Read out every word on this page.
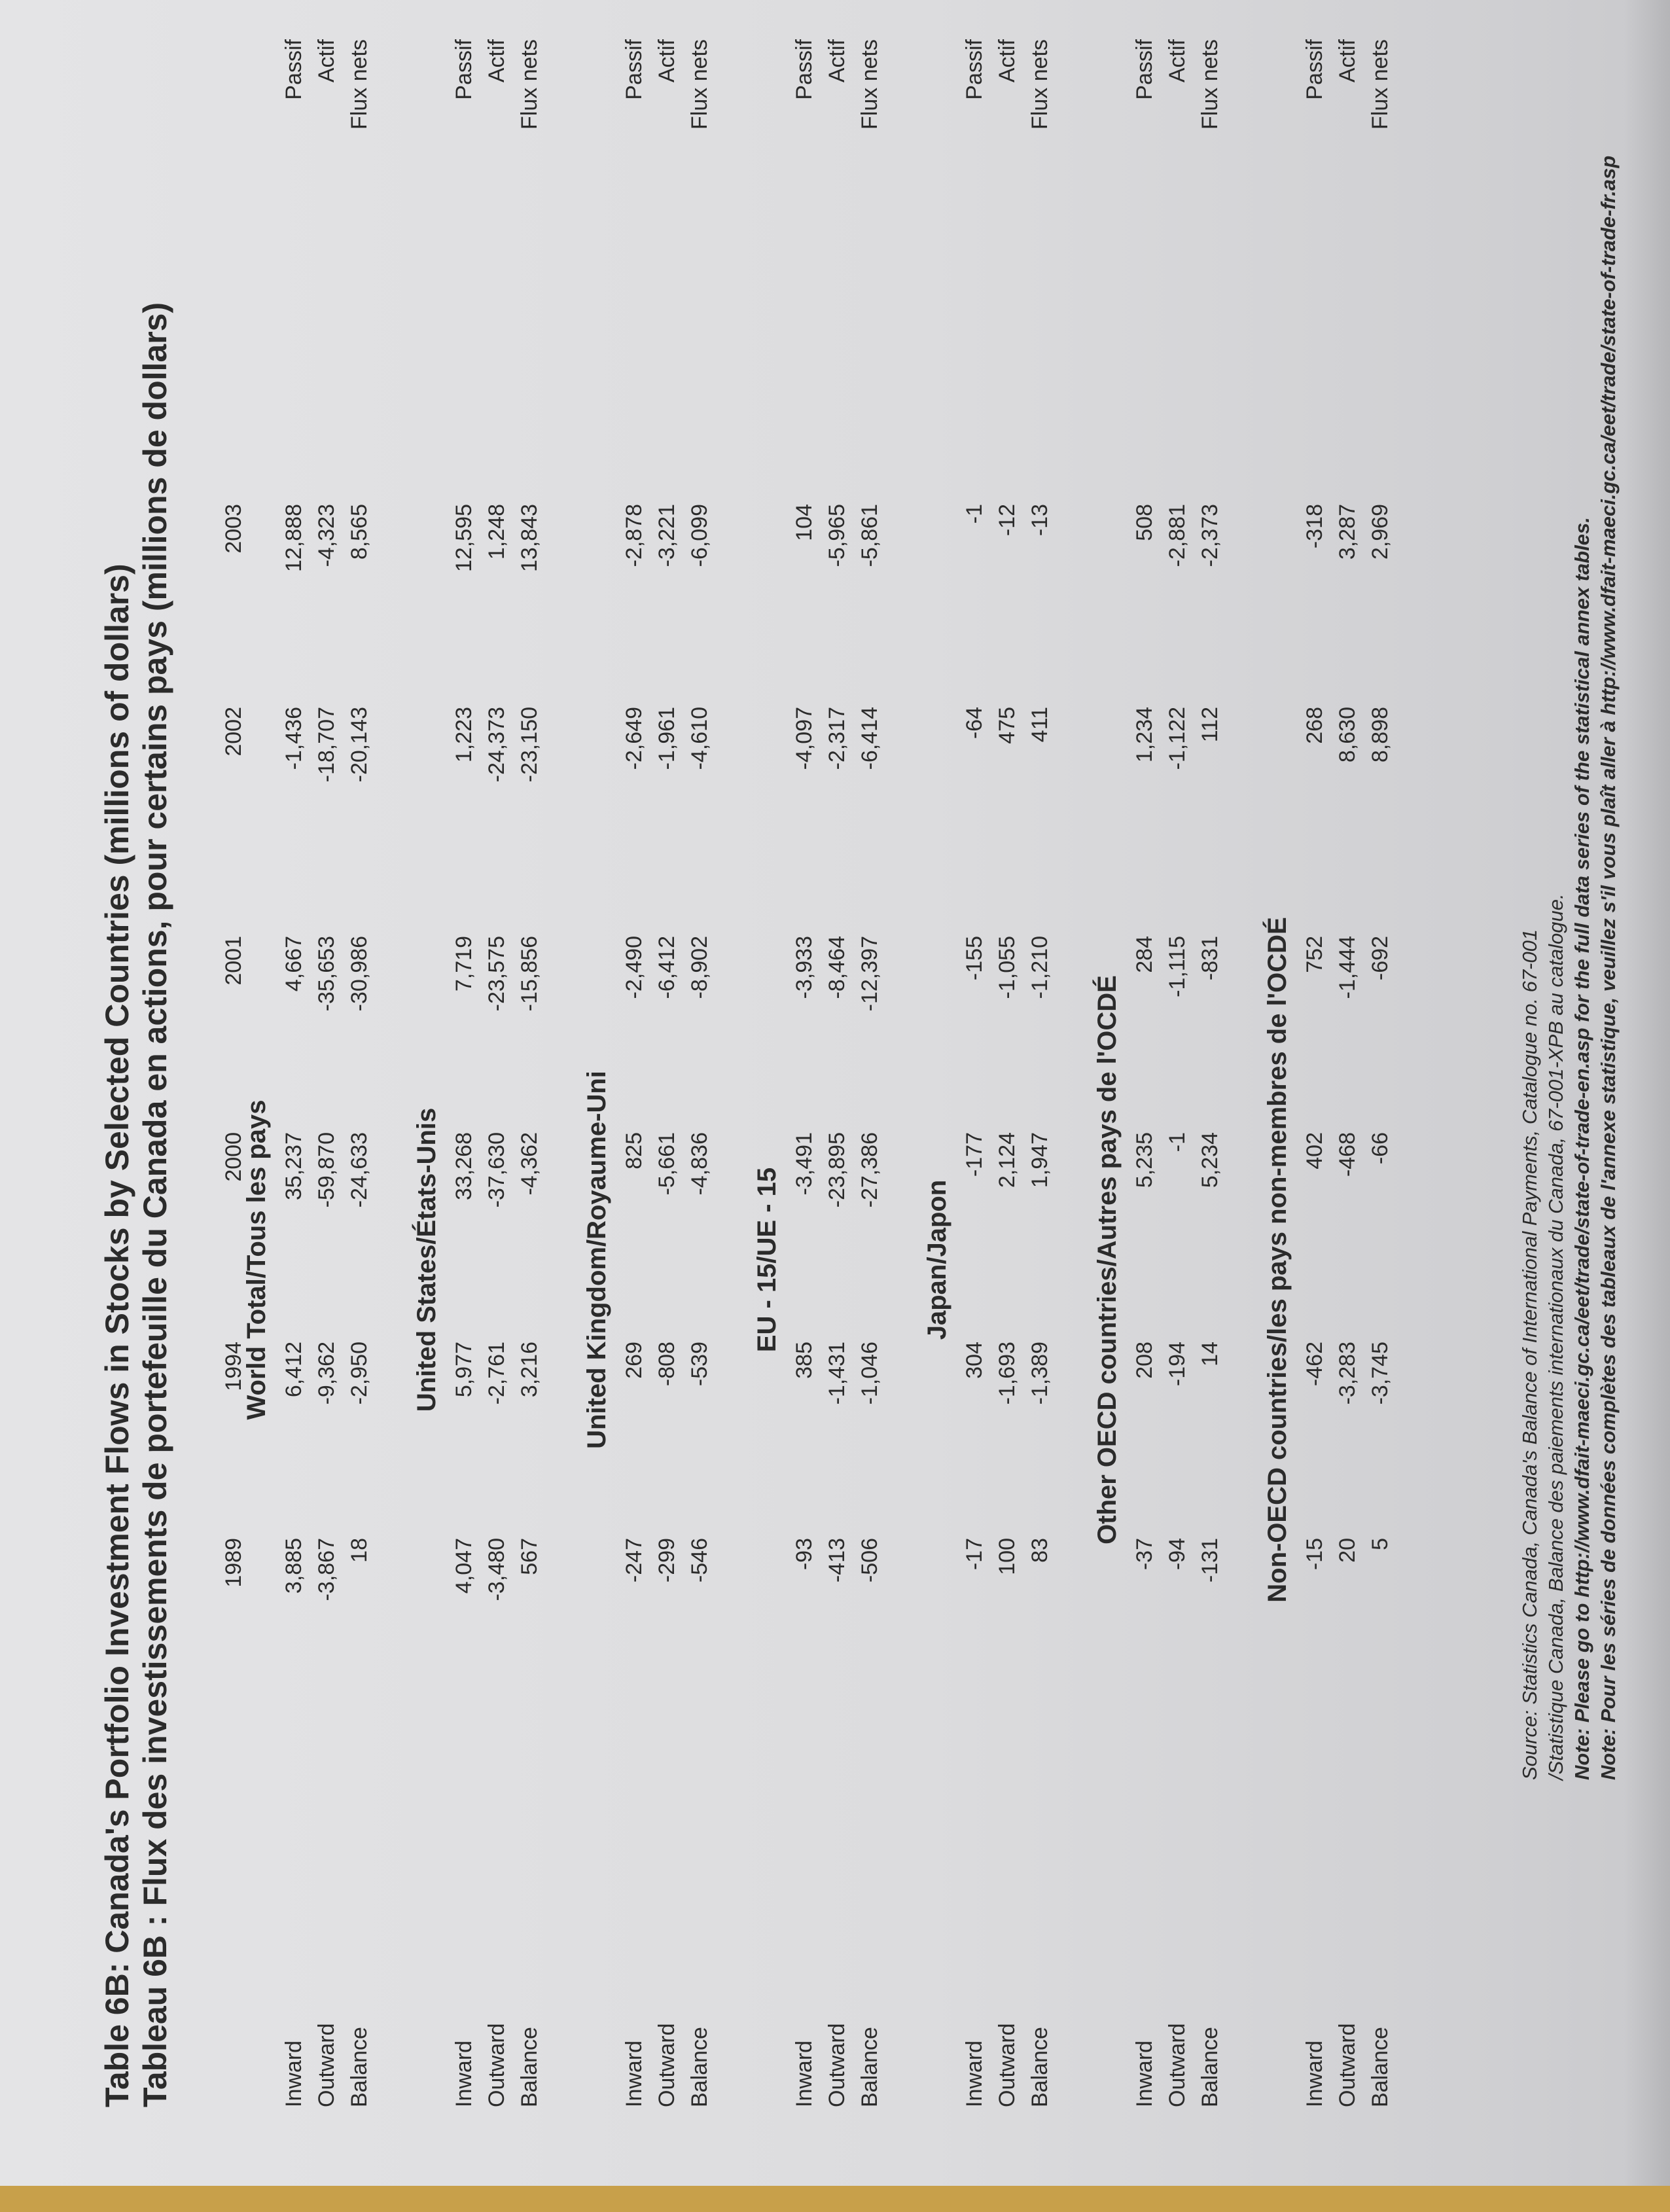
Table 6B: Canada's Portfolio Investment Flows in Stocks by Selected Countries (millions of dollars) Tableau 6B : Flux des investissements de portefeuille du Canada en actions, pour certains pays (millions de dollars) 1989
1994
2000
2001
2002
2003
World Total/Tous les pays
Inward
3,885
6,412
35,237
4,667
-1,436
12,888
Passif
Outward
-3,867
-9,362
-59,870
-35,653
-18,707
-4,323
Actif
Balance
18
-2,950
-24,633
-30,986
-20,143
8,565
Flux nets
United States/États-Unis
Inward
4,047
5,977
33,268
7,719
1,223
12,595
Passif
Outward
-3,480
-2,761
-37,630
-23,575
-24,373
1,248
Actif
Balance
567
3,216
-4,362
-15,856
-23,150
13,843
Flux nets
United Kingdom/Royaume-Uni
Inward
-247
269
825
-2,490
-2,649
-2,878
Passif
Outward
-299
-808
-5,661
-6,412
-1,961
-3,221
Actif
Balance
-546
-539
-4,836
-8,902
-4,610
-6,099
Flux nets
EU - 15/UE - 15
Inward
-93
385
-3,491
-3,933
-4,097
104
Passif
Outward
-413
-1,431
-23,895
-8,464
-2,317
-5,965
Actif
Balance
-506
-1,046
-27,386
-12,397
-6,414
-5,861
Flux nets
Japan/Japon
Inward
-17
304
-177
-155
-64
-1
Passif
Outward
100
-1,693
2,124
-1,055
475
-12
Actif
Balance
83
-1,389
1,947
-1,210
411
-13
Flux nets
Other OECD countries/Autres pays de l'OCDÉ
Inward
-37
208
5,235
284
1,234
508
Passif
Outward
-94
-194
-1
-1,115
-1,122
-2,881
Actif
Balance
-131
14
5,234
-831
112
-2,373
Flux nets
Non-OECD countries/les pays non-membres de l'OCDÉ
Inward
-15
-462
402
752
268
-318
Passif
Outward
20
-3,283
-468
-1,444
8,630
3,287
Actif
Balance
5
-3,745
-66
-692
8,898
2,969
Flux nets
Source: Statistics Canada, Canada's Balance of International Payments, Catalogue no. 67-001 /Statistique Canada, Balance des paiements internationaux du Canada, 67-001-XPB au catalogue. Note: Please go to http://www.dfait-maeci.gc.ca/eet/trade/state-of-trade-en.asp for the full data series of the statistical annex tables. Note: Pour les séries de données complètes des tableaux de l'annexe statistique, veuillez s'il vous plaît aller à http://www.dfait-maeci.gc.ca/eet/trade/state-of-trade-fr.asp
